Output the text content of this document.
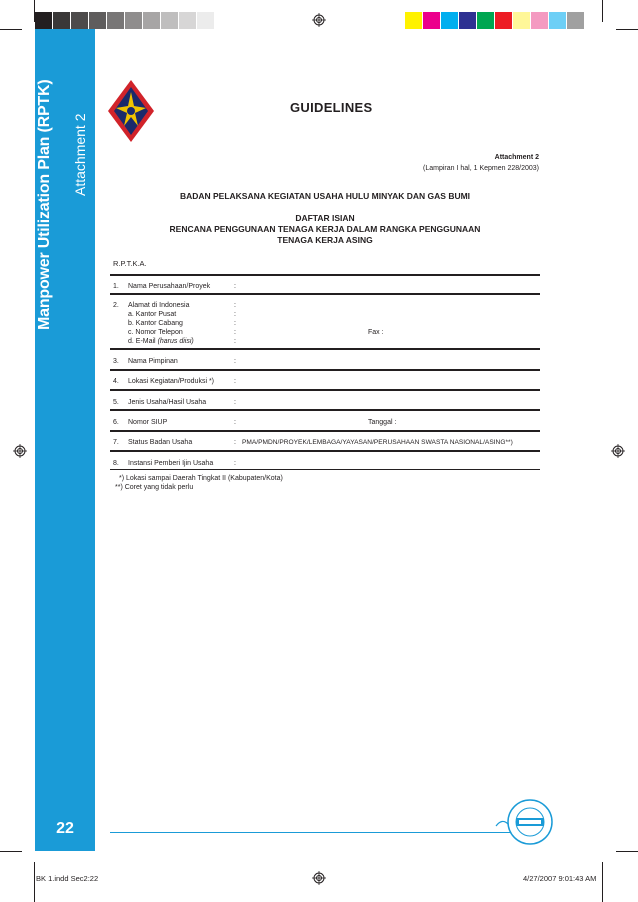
Manpower Utilization Plan (RPTK) Attachment 2
22
GUIDELINES
Attachment 2
(Lampiran I hal, 1 Kepmen 228/2003)
BADAN PELAKSANA KEGIATAN USAHA HULU MINYAK DAN GAS BUMI
DAFTAR ISIAN
RENCANA PENGGUNAAN TENAGA KERJA DALAM RANGKA PENGGUNAAN
TENAGA KERJA ASING
R.P.T.K.A.
1. Nama Perusahaan/Proyek	:
2. Alamat di Indonesia	:
a. Kantor Pusat	:
b. Kantor Cabang	:
c. Nomor Telepon	:	Fax :
d. E-Mail (harus diisi)	:
3. Nama Pimpinan	:
4. Lokasi Kegiatan/Produksi *)	:
5. Jenis Usaha/Hasil Usaha	:
6. Nomor SIUP	:	Tanggal :
7. Status Badan Usaha	: PMA/PMDN/PROYEK/LEMBAGA/YAYASAN/PERUSAHAAN SWASTA NASIONAL/ASING**)
8. Instansi Pemberi Ijin Usaha	:
*) Lokasi sampai Daerah Tingkat II (Kabupaten/Kota)
**) Coret yang tidak perlu
BK 1.indd Sec2:22	4/27/2007 9:01:43 AM
